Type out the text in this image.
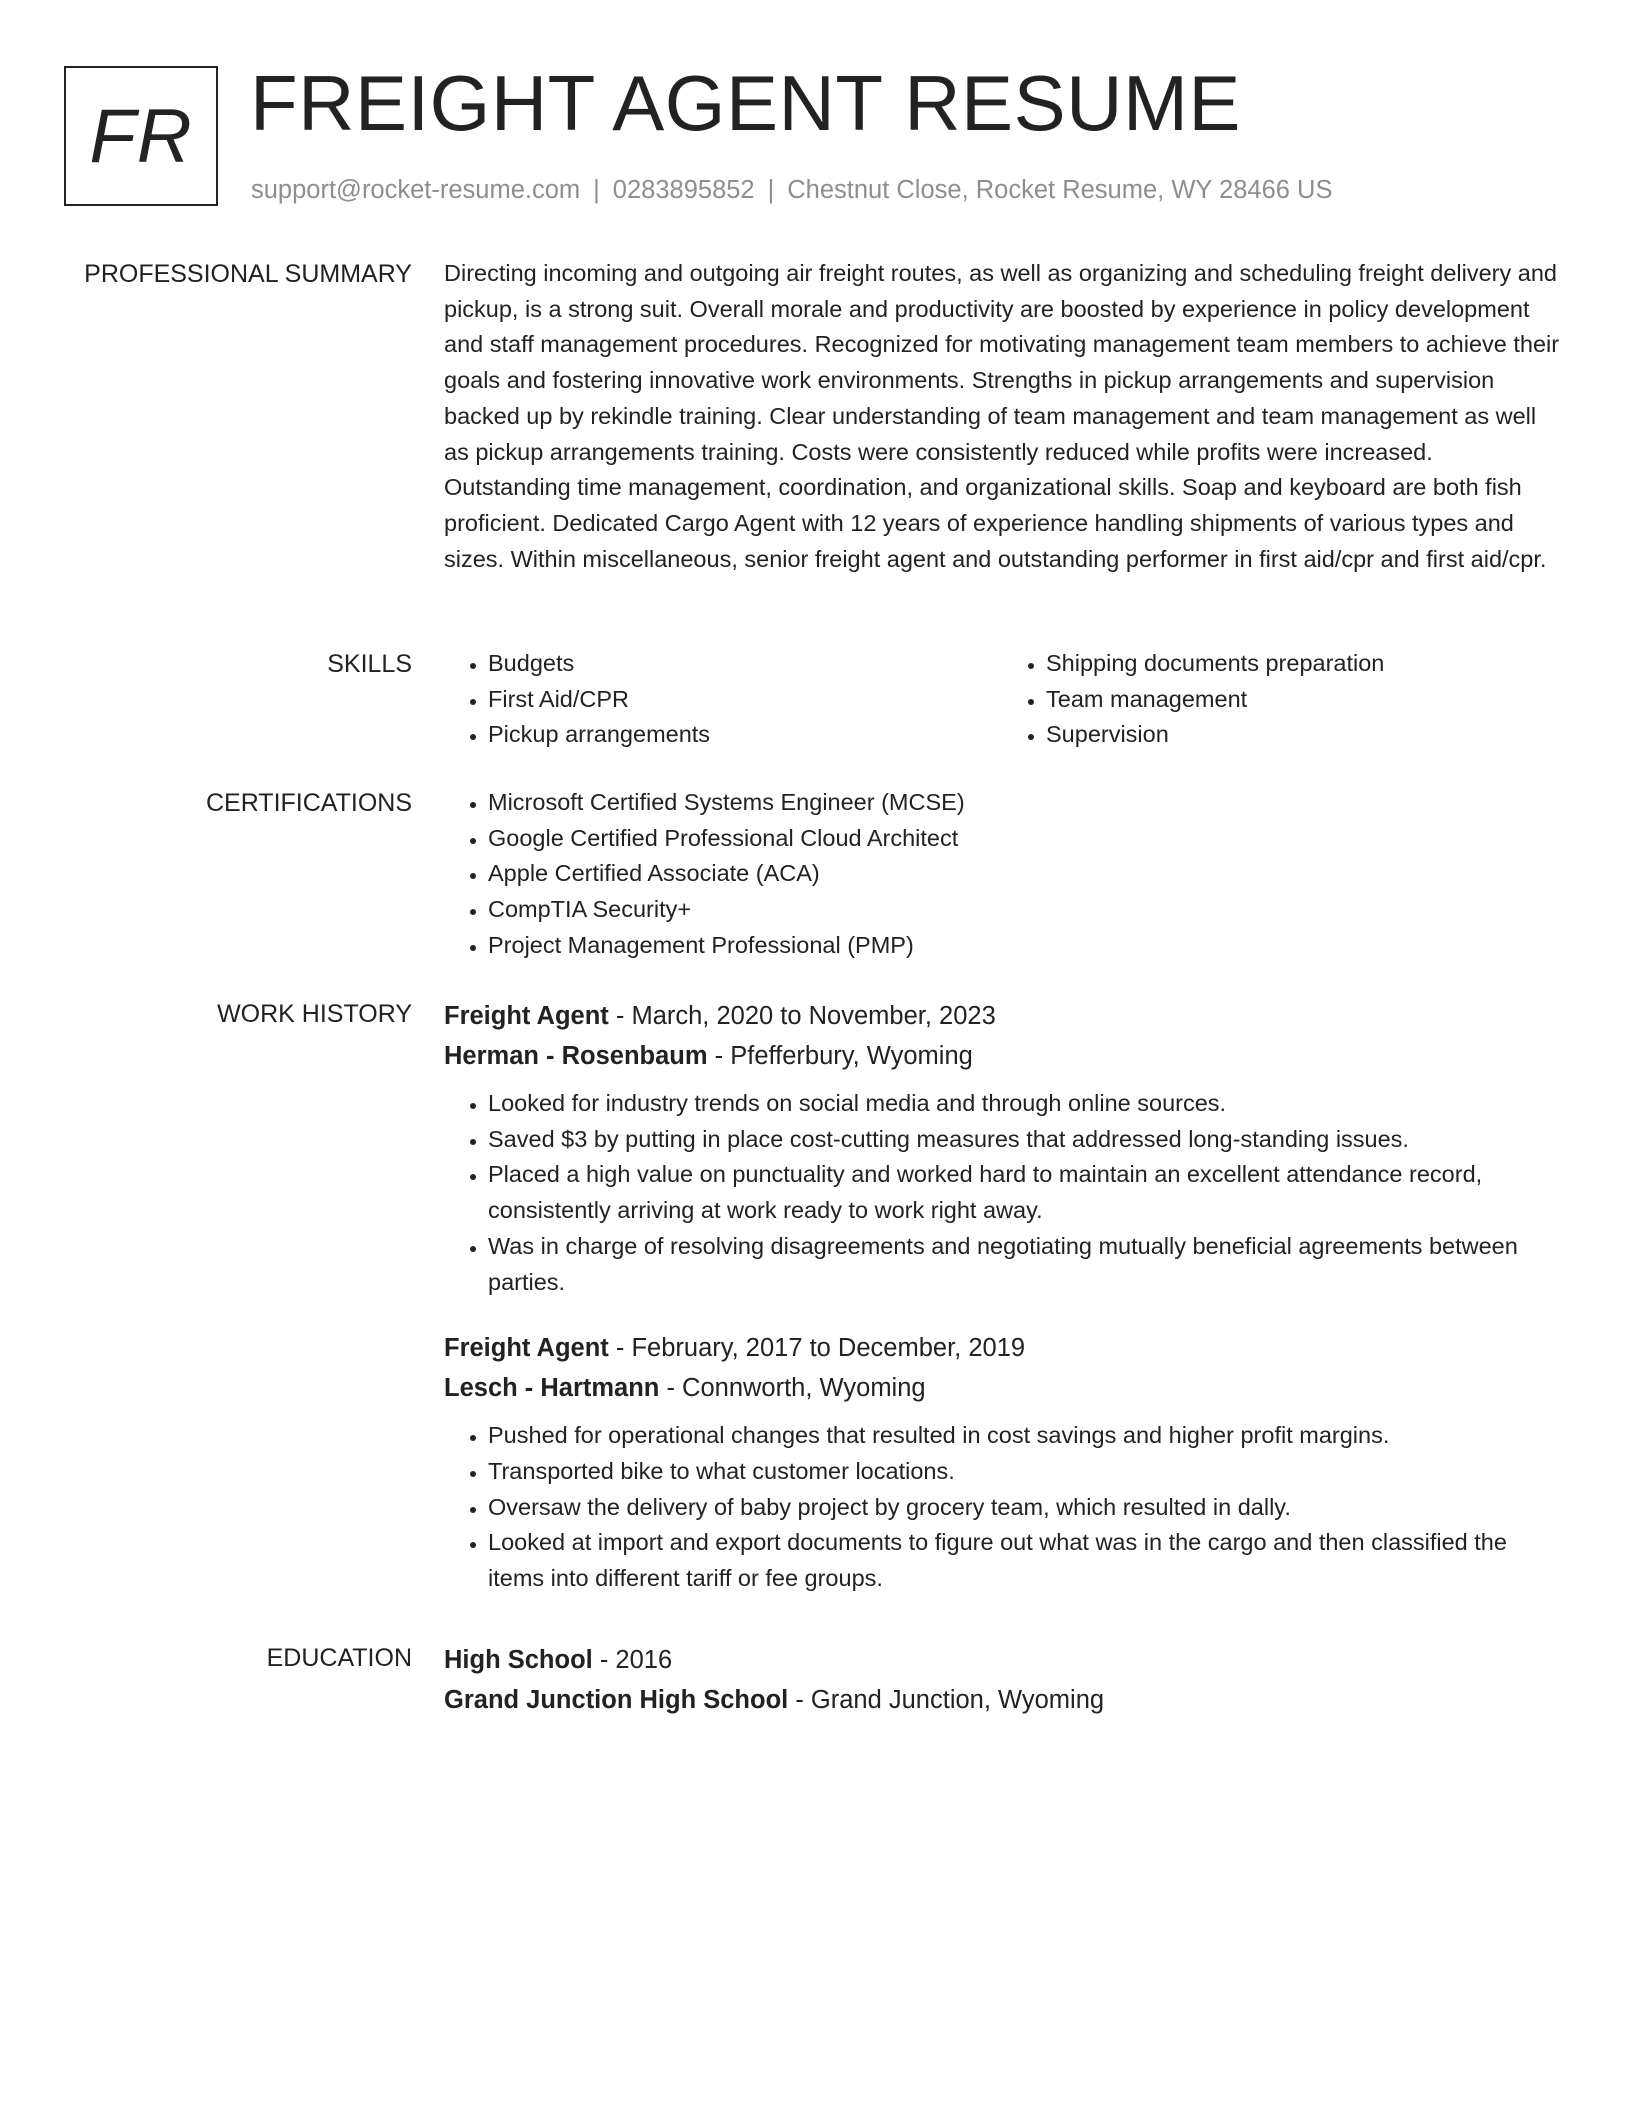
FR FREIGHT AGENT RESUME
support@rocket-resume.com | 0283895852 | Chestnut Close, Rocket Resume, WY 28466 US
PROFESSIONAL SUMMARY Directing incoming and outgoing air freight routes, as well as organizing and scheduling freight delivery and pickup, is a strong suit. Overall morale and productivity are boosted by experience in policy development and staff management procedures. Recognized for motivating management team members to achieve their goals and fostering innovative work environments. Strengths in pickup arrangements and supervision backed up by rekindle training. Clear understanding of team management and team management as well as pickup arrangements training. Costs were consistently reduced while profits were increased. Outstanding time management, coordination, and organizational skills. Soap and keyboard are both fish proficient. Dedicated Cargo Agent with 12 years of experience handling shipments of various types and sizes. Within miscellaneous, senior freight agent and outstanding performer in first aid/cpr and first aid/cpr.

SKILLS	• Budgets
• First Aid/CPR
• Pickup arrangements
• Shipping documents preparation
• Team management
• Supervision
CERTIFICATIONS	• Microsoft Certified Systems Engineer (MCSE)
• Google Certified Professional Cloud Architect
• Apple Certified Associate (ACA)
• CompTIA Security+
• Project Management Professional (PMP)
WORK HISTORY Freight Agent - March, 2020 to November, 2023
Herman - Rosenbaum - Pfefferbury, Wyoming
• Looked for industry trends on social media and through online sources.
• Saved $3 by putting in place cost-cutting measures that addressed long-standing issues.
• Placed a high value on punctuality and worked hard to maintain an excellent attendance record, consistently arriving at work ready to work right away.
• Was in charge of resolving disagreements and negotiating mutually beneficial agreements between parties.
Freight Agent - February, 2017 to December, 2019
Lesch - Hartmann - Connworth, Wyoming
• Pushed for operational changes that resulted in cost savings and higher profit margins.
• Transported bike to what customer locations.
• Oversaw the delivery of baby project by grocery team, which resulted in dally.
• Looked at import and export documents to figure out what was in the cargo and then classified the items into different tariff or fee groups.
EDUCATION High School - 2016
Grand Junction High School - Grand Junction, Wyoming
